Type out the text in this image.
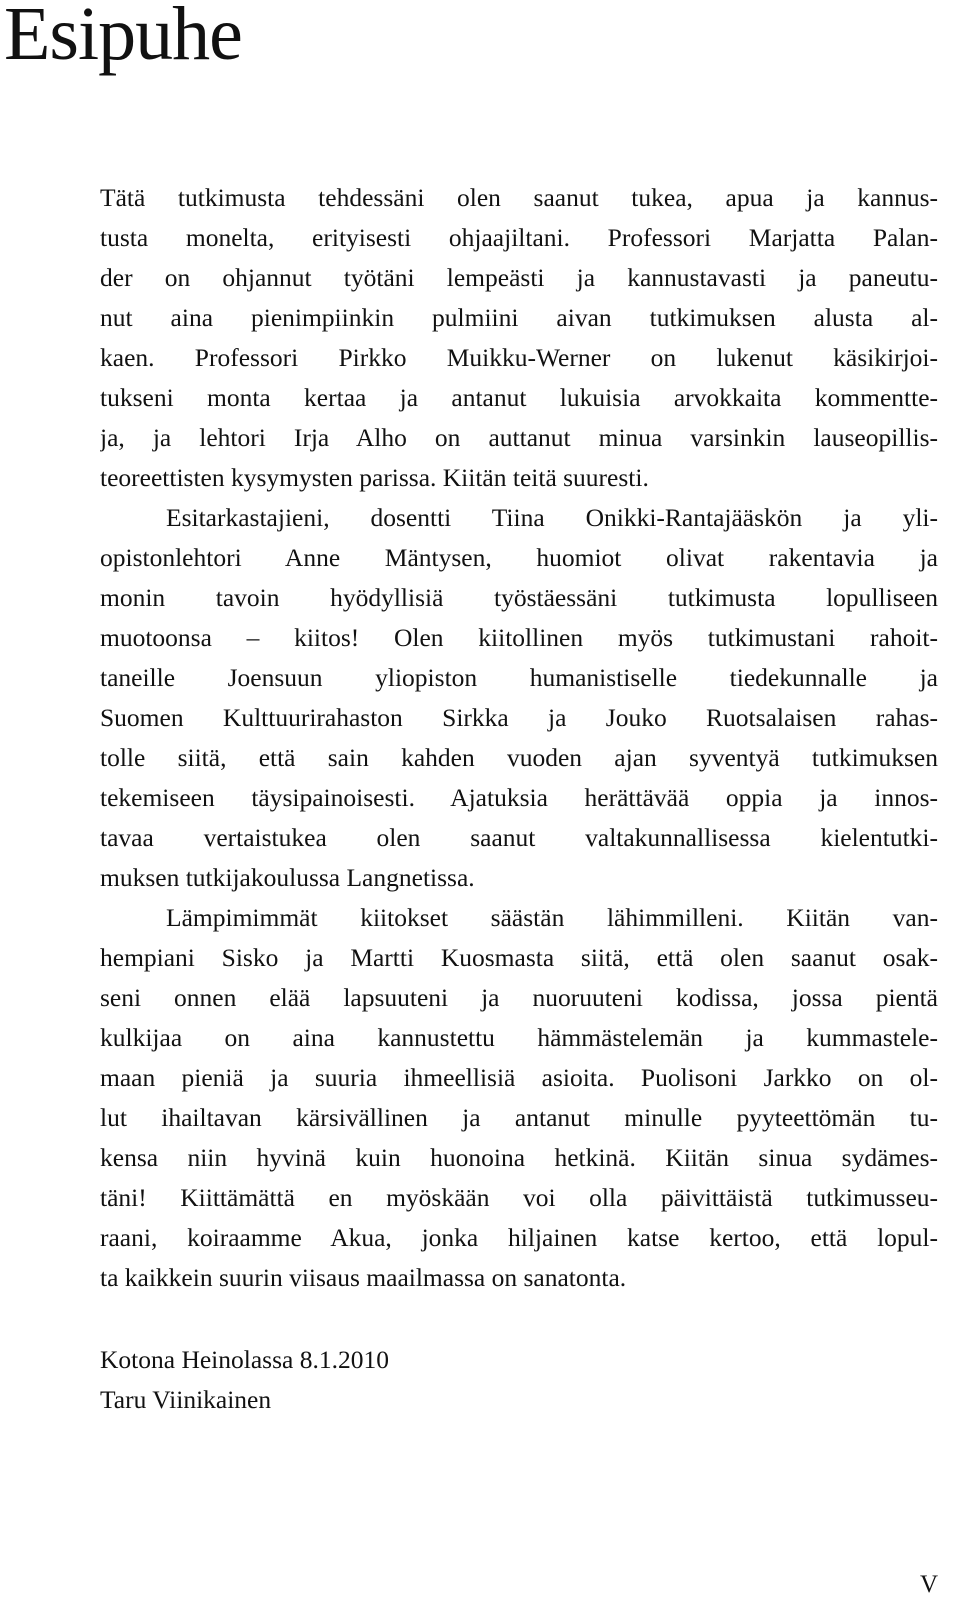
Esipuhe
Tätä tutkimusta tehdessäni olen saanut tukea, apua ja kannus-
tusta monelta, erityisesti ohjaajiltani. Professori Marjatta Palan-
der on ohjannut työtäni lempeästi ja kannustavasti ja paneutu-
nut aina pienimpiinkin pulmiini aivan tutkimuksen alusta al-
kaen. Professori Pirkko Muikku-Werner on lukenut käsikirjoi-
tukseni monta kertaa ja antanut lukuisia arvokkaita kommentte-
ja, ja lehtori Irja Alho on auttanut minua varsinkin lauseopillis-
teoreettisten kysymysten parissa. Kiitän teitä suuresti.
Esitarkastajieni, dosentti Tiina Onikki-Rantajääskön ja yli-
opistonlehtori Anne Mäntysen, huomiot olivat rakentavia ja
monin tavoin hyödyllisiä työstäessäni tutkimusta lopulliseen
muotoonsa – kiitos! Olen kiitollinen myös tutkimustani rahoit-
taneille Joensuun yliopiston humanistiselle tiedekunnalle ja
Suomen Kulttuurirahaston Sirkka ja Jouko Ruotsalaisen rahas-
tolle siitä, että sain kahden vuoden ajan syventyä tutkimuksen
tekemiseen täysipainoisesti. Ajatuksia herättävää oppia ja innos-
tavaa vertaistukea olen saanut valtakunnallisessa kielentutki-
muksen tutkijakoulussa Langnetissa.
Lämpimimmät kiitokset säästän lähimmilleni. Kiitän van-
hempiani Sisko ja Martti Kuosmasta siitä, että olen saanut osak-
seni onnen elää lapsuuteni ja nuoruuteni kodissa, jossa pientä
kulkijaa on aina kannustettu hämmästelemän ja kummastele-
maan pieniä ja suuria ihmeellisiä asioita. Puolisoni Jarkko on ol-
lut ihailtavan kärsivällinen ja antanut minulle pyyteettömän tu-
kensa niin hyvinä kuin huonoina hetkinä. Kiitän sinua sydämes-
täni! Kiittämättä en myöskään voi olla päivittäistä tutkimusseu-
raani, koiraamme Akua, jonka hiljainen katse kertoo, että lopul-
ta kaikkein suurin viisaus maailmassa on sanatonta.
Kotona Heinolassa 8.1.2010
Taru Viinikainen
V
